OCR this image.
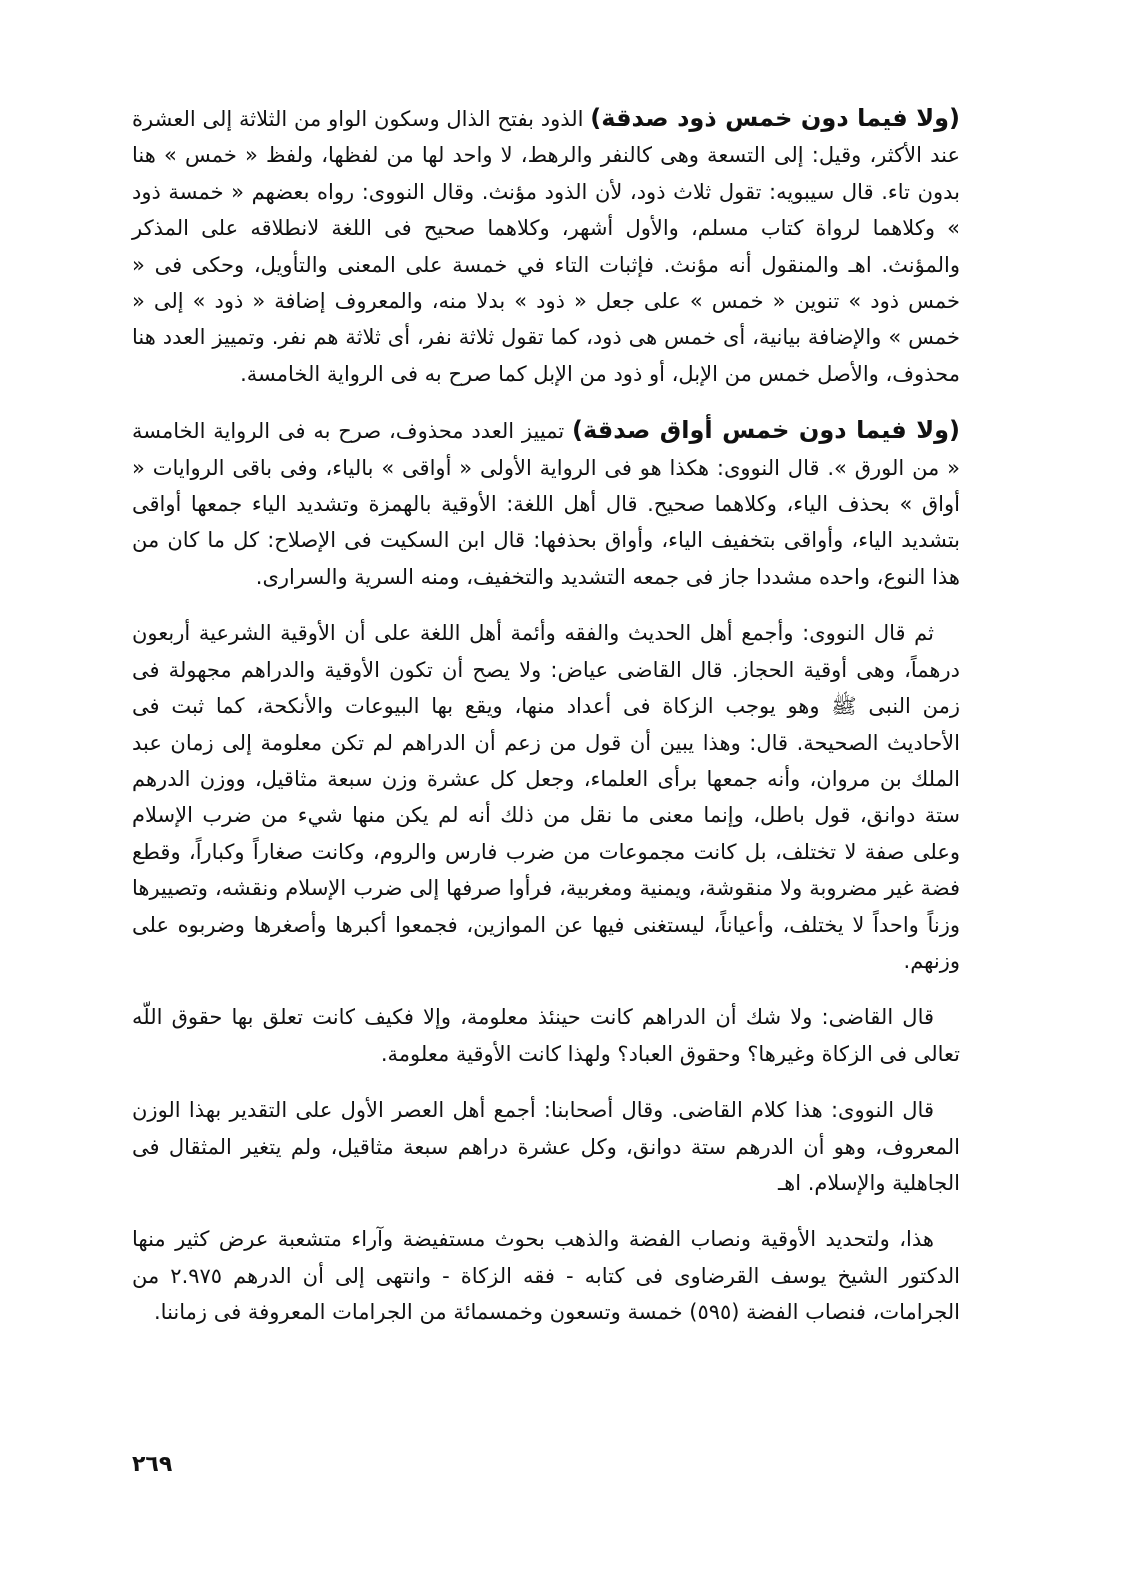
(ولا فيما دون خمس ذود صدقة) الذود بفتح الذال وسكون الواو من الثلاثة إلى العشرة عند الأكثر، وقيل: إلى التسعة وهى كالنفر والرهط، لا واحد لها من لفظها، ولفظ « خمس » هنا بدون تاء. قال سيبويه: تقول ثلاث ذود، لأن الذود مؤنث. وقال النووى: رواه بعضهم « خمسة ذود » وكلاهما لرواة كتاب مسلم، والأول أشهر، وكلاهما صحيح فى اللغة لانطلاقه على المذكر والمؤنث. اهـ والمنقول أنه مؤنث. فإثبات التاء في خمسة على المعنى والتأويل، وحكى فى « خمس ذود » تنوين « خمس » على جعل « ذود » بدلا منه، والمعروف إضافة « ذود » إلى « خمس » والإضافة بيانية، أى خمس هى ذود، كما تقول ثلاثة نفر، أى ثلاثة هم نفر. وتمييز العدد هنا محذوف، والأصل خمس من الإبل، أو ذود من الإبل كما صرح به فى الرواية الخامسة.

(ولا فيما دون خمس أواق صدقة) تمييز العدد محذوف، صرح به فى الرواية الخامسة « من الورق ». قال النووى: هكذا هو فى الرواية الأولى « أواقى » بالياء، وفى باقى الروايات « أواق » بحذف الياء، وكلاهما صحيح. قال أهل اللغة: الأوقية بالهمزة وتشديد الياء جمعها أواقى بتشديد الياء، وأواقى بتخفيف الياء، وأواق بحذفها: قال ابن السكيت فى الإصلاح: كل ما كان من هذا النوع، واحده مشددا جاز فى جمعه التشديد والتخفيف، ومنه السرية والسرارى.

ثم قال النووى: وأجمع أهل الحديث والفقه وأئمة أهل اللغة على أن الأوقية الشرعية أربعون درهماً، وهى أوقية الحجاز. قال القاضى عياض: ولا يصح أن تكون الأوقية والدراهم مجهولة فى زمن النبى ﷺ وهو يوجب الزكاة فى أعداد منها، ويقع بها البيوعات والأنكحة، كما ثبت فى الأحاديث الصحيحة. قال: وهذا يبين أن قول من زعم أن الدراهم لم تكن معلومة إلى زمان عبد الملك بن مروان، وأنه جمعها برأى العلماء، وجعل كل عشرة وزن سبعة مثاقيل، ووزن الدرهم ستة دوانق، قول باطل، وإنما معنى ما نقل من ذلك أنه لم يكن منها شيء من ضرب الإسلام وعلى صفة لا تختلف، بل كانت مجموعات من ضرب فارس والروم، وكانت صغاراً وكباراً، وقطع فضة غير مضروبة ولا منقوشة، ويمنية ومغربية، فرأوا صرفها إلى ضرب الإسلام ونقشه، وتصييرها وزناً واحداً لا يختلف، وأعياناً، ليستغنى فيها عن الموازين، فجمعوا أكبرها وأصغرها وضربوه على وزنهم.

قال القاضى: ولا شك أن الدراهم كانت حينئذ معلومة، وإلا فكيف كانت تعلق بها حقوق اللّه تعالى فى الزكاة وغيرها؟ وحقوق العباد؟ ولهذا كانت الأوقية معلومة.

قال النووى: هذا كلام القاضى. وقال أصحابنا: أجمع أهل العصر الأول على التقدير بهذا الوزن المعروف، وهو أن الدرهم ستة دوانق، وكل عشرة دراهم سبعة مثاقيل، ولم يتغير المثقال فى الجاهلية والإسلام. اهـ

هذا، ولتحديد الأوقية ونصاب الفضة والذهب بحوث مستفيضة وآراء متشعبة عرض كثير منها الدكتور الشيخ يوسف القرضاوى فى كتابه - فقه الزكاة - وانتهى إلى أن الدرهم ٢.٩٧٥ من الجرامات، فنصاب الفضة (٥٩٥) خمسة وتسعون وخمسمائة من الجرامات المعروفة فى زماننا.

٢٦٩
